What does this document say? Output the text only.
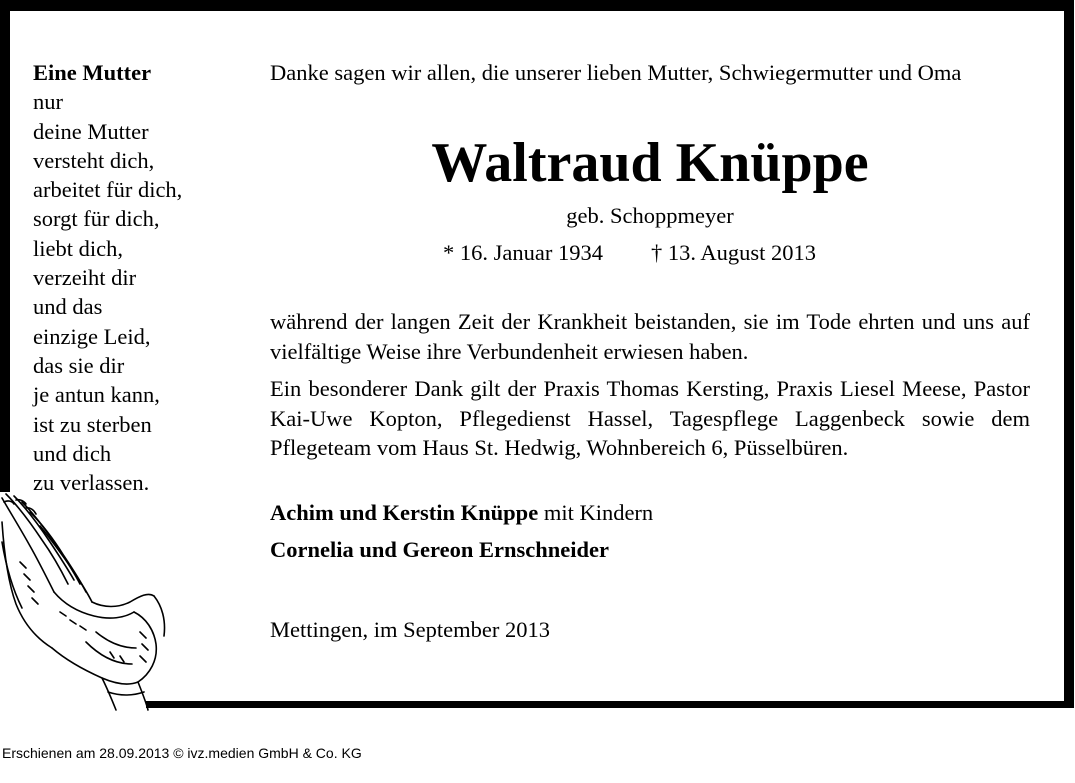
Eine Mutter
nur
deine Mutter
versteht dich,
arbeitet für dich,
sorgt für dich,
liebt dich,
verzeiht dir
und das
einzige Leid,
das sie dir
je antun kann,
ist zu sterben
und dich
zu verlassen.
Danke sagen wir allen, die unserer lieben Mutter, Schwiegermutter und Oma
Waltraud Knüppe
geb. Schoppmeyer
* 16. Januar 1934 † 13. August 2013
während der langen Zeit der Krankheit beistanden, sie im Tode ehrten und uns auf vielfältige Weise ihre Verbundenheit erwiesen haben.
Ein besonderer Dank gilt der Praxis Thomas Kersting, Praxis Liesel Meese, Pastor Kai-Uwe Kopton, Pflegedienst Hassel, Tagespflege Laggenbeck sowie dem Pflegeteam vom Haus St. Hedwig, Wohnbereich 6, Püsselbüren.
Achim und Kerstin Knüppe mit Kindern
Cornelia und Gereon Ernschneider
Mettingen, im September 2013
Erschienen am 28.09.2013 © ivz.medien GmbH & Co. KG
